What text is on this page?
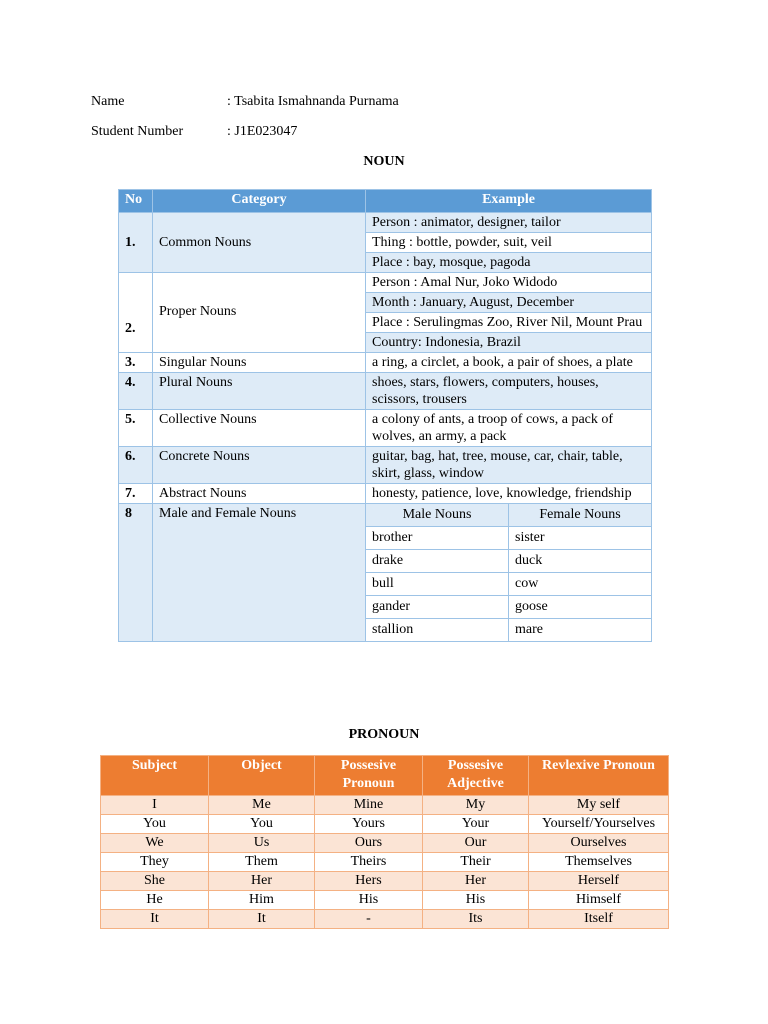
Name	: Tsabita Ismahnanda Purnama
Student Number	: J1E023047
NOUN
No	Category	Example	
1.	Common Nouns	Person : animator, designer, tailor	
		Thing : bottle, powder, suit, veil	
		Place : bay, mosque, pagoda	
2.	Proper Nouns	Person : Amal Nur, Joko Widodo	
		Month : January, August, December	
		Place : Serulingmas Zoo, River Nil, Mount Prau	
		Country: Indonesia, Brazil	
3.	Singular Nouns	a ring, a circlet, a book, a pair of shoes, a plate	
4.	Plural Nouns	shoes, stars, flowers, computers, houses, scissors, trousers	
5.	Collective Nouns	a colony of ants, a troop of cows, a pack of wolves, an army, a pack	
6.	Concrete Nouns	guitar, bag, hat, tree, mouse, car, chair, table, skirt, glass, window	
7.	Abstract Nouns	honesty, patience, love, knowledge, friendship	
8	Male and Female Nouns	Male Nouns	Female Nouns
		brother	sister
		drake	duck
		bull	cow
		gander	goose
		stallion	mare
PRONOUN
Subject	Object	Possesive Pronoun	Possesive Adjective	Revlexive Pronoun
I	Me	Mine	My	My self
You	You	Yours	Your	Yourself/Yourselves
We	Us	Ours	Our	Ourselves
They	Them	Theirs	Their	Themselves
She	Her	Hers	Her	Herself
He	Him	His	His	Himself
It	It	-	Its	Itself
